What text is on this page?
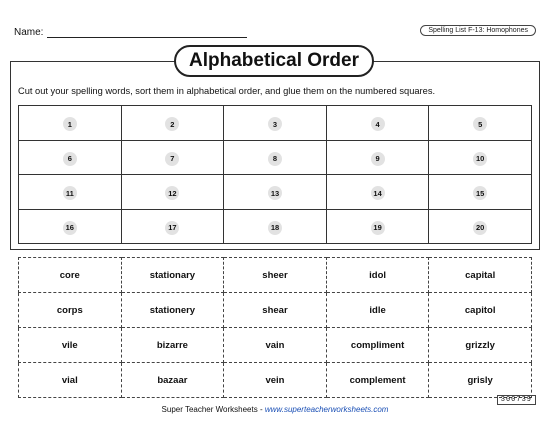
Name:	Spelling List F-13: Homophones
Alphabetical Order
Cut out your spelling words, sort them in alphabetical order, and glue them on the numbered squares.
1	2	3	4	5
6	7	8	9	10
11	12	13	14	15
16	17	18	19	20
core	stationary	sheer	idol	capital
corps	stationery	shear	idle	capitol
vile	bizarre	vain	compliment	grizzly
vial	bazaar	vein	complement	grisly
Super Teacher Worksheets - www.superteacherworksheets.com
300739
